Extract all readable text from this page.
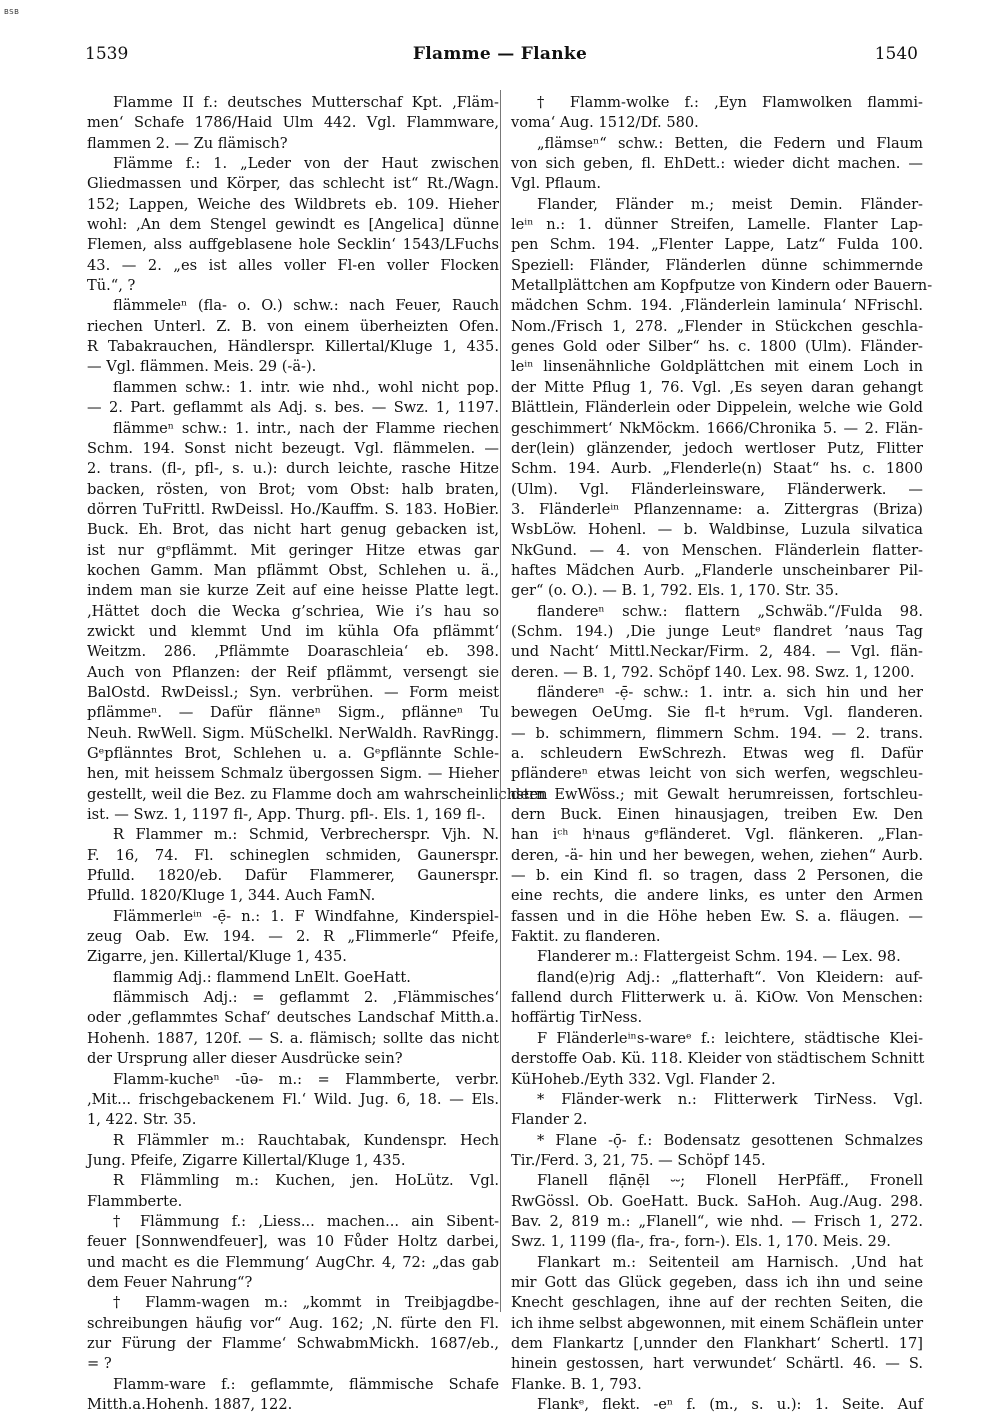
BSB
1539	Flamme — Flanke	1540
Flamme II f.: deutsches Mutterschaf Kpt. ‚Fläm-
men‘ Schafe 1786/Haid Ulm 442. Vgl. Flammware,
flammen 2. — Zu flämisch?
Flämme f.: 1. „Leder von der Haut zwischen
Gliedmassen und Körper, das schlecht ist“ Rt./Wagn.
152; Lappen, Weiche des Wildbrets eb. 109. Hieher
wohl: ‚An dem Stengel gewindt es [Angelica] dünne
Flemen, alss auffgeblasene hole Secklin‘ 1543/LFuchs
43. — 2. „es ist alles voller Fl-en voller Flocken
Tü.“, ?
flämmeleⁿ (fla- o. O.) schw.: nach Feuer, Rauch
riechen Unterl. Z. B. von einem überheizten Ofen.
Ɍ Tabakrauchen, Händlerspr. Killertal/Kluge 1, 435.
— Vgl. flämmen. Meis. 29 (-ä-).
flammen schw.: 1. intr. wie nhd., wohl nicht pop.
— 2. Part. geflammt als Adj. s. bes. — Swz. 1, 1197.
flämmeⁿ schw.: 1. intr., nach der Flamme riechen
Schm. 194. Sonst nicht bezeugt. Vgl. flämmelen. —
2. trans. (fl-, pfl-, s. u.): durch leichte, rasche Hitze
backen, rösten, von Brot; vom Obst: halb braten,
dörren TuFrittl. RwDeissl. Ho./Kauffm. S. 183. HoBier.
Buck. Eh. Brot, das nicht hart genug gebacken ist,
ist nur gᵉpflämmt. Mit geringer Hitze etwas gar
kochen Gamm. Man pflämmt Obst, Schlehen u. ä.,
indem man sie kurze Zeit auf eine heisse Platte legt.
‚Hättet doch die Wecka g’schriea, Wie i’s hau so
zwickt und klemmt Und im kühla Ofa pflämmt‘
Weitzm. 286. ‚Pflämmte Doaraschleia‘ eb. 398.
Auch von Pflanzen: der Reif pflämmt, versengt sie
BalOstd. RwDeissl.; Syn. verbrühen. — Form meist
pflämmeⁿ. — Dafür flänneⁿ Sigm., pflänneⁿ Tu
Neuh. RwWell. Sigm. MüSchelkl. NerWaldh. RavRingg.
Gᵉpflänntes Brot, Schlehen u. a. Gᵉpflännte Schle-
hen, mit heissem Schmalz übergossen Sigm. — Hieher
gestellt, weil die Bez. zu Flamme doch am wahrscheinlichsten
ist. — Swz. 1, 1197 fl-, App. Thurg. pfl-. Els. 1, 169 fl-.
Ɍ Flammer m.: Schmid, Verbrecherspr. Vjh. N.
F. 16, 74. Fl. schineglen schmiden, Gaunerspr.
Pfulld. 1820/eb. Dafür Flammerer, Gaunerspr.
Pfulld. 1820/Kluge 1, 344. Auch FamN.
Flämmerleⁱⁿ -ẹ̄- n.: 1. F Windfahne, Kinderspiel-
zeug Oab. Ew. 194. — 2. Ɍ „Flimmerle“ Pfeife,
Zigarre, jen. Killertal/Kluge 1, 435.
flammig Adj.: flammend LnElt. GoeHatt.
flämmisch Adj.: = geflammt 2. ‚Flämmisches‘
oder ‚geflammtes Schaf‘ deutsches Landschaf Mitth.a.
Hohenh. 1887, 120f. — S. a. flämisch; sollte das nicht
der Ursprung aller dieser Ausdrücke sein?
Flamm-kucheⁿ -ūə- m.: = Flammberte, verbr.
‚Mit... frischgebackenem Fl.‘ Wild. Jug. 6, 18. — Els.
1, 422. Str. 35.
Ɍ Flämmler m.: Rauchtabak, Kundenspr. Hech
Jung. Pfeife, Zigarre Killertal/Kluge 1, 435.
Ɍ Flämmling m.: Kuchen, jen. HoLütz. Vgl.
Flammberte.
† Flämmung f.: ‚Liess... machen... ain Sibent-
feuer [Sonnwendfeuer], was 10 Fůder Holtz darbei,
und macht es die Flemmung‘ AugChr. 4, 72: „das gab
dem Feuer Nahrung“?
† Flamm-wagen m.: „kommt in Treibjagdbe-
schreibungen häufig vor“ Aug. 162; ‚N. fürte den Fl.
zur Fürung der Flamme‘ SchwabmMickh. 1687/eb.,
= ?
Flamm-ware f.: geflammte, flämmische Schafe
Mitth.a.Hohenh. 1887, 122.
† Flamm-wolke f.: ‚Eyn Flamwolken flammi-
voma‘ Aug. 1512/Df. 580.
„flämseⁿ“ schw.: Betten, die Federn und Flaum
von sich geben, fl. EhDett.: wieder dicht machen. —
Vgl. Pflaum.
Flander, Fländer m.; meist Demin. Fländer-
leⁱⁿ n.: 1. dünner Streifen, Lamelle. Flanter Lap-
pen Schm. 194. „Flenter Lappe, Latz“ Fulda 100.
Speziell: Fländer, Fländerlen dünne schimmernde
Metallplättchen am Kopfputze von Kindern oder Bauern-
mädchen Schm. 194. ‚Fländerlein laminula‘ NFrischl.
Nom./Frisch 1, 278. „Flender in Stückchen geschla-
genes Gold oder Silber“ hs. c. 1800 (Ulm). Fländer-
leⁱⁿ linsenähnliche Goldplättchen mit einem Loch in
der Mitte Pflug 1, 76. Vgl. ‚Es seyen daran gehangt
Blättlein, Fländerlein oder Dippelein, welche wie Gold
geschimmert‘ NkMöckm. 1666/Chronika 5. — 2. Flän-
der(lein) glänzender, jedoch wertloser Putz, Flitter
Schm. 194. Aurb. „Flenderle(n) Staat“ hs. c. 1800
(Ulm). Vgl. Fländerleinsware, Fländerwerk. —
3. Fländerleⁱⁿ Pflanzenname: a. Zittergras (Briza)
WsbLöw. Hohenl. — b. Waldbinse, Luzula silvatica
NkGund. — 4. von Menschen. Fländerlein flatter-
haftes Mädchen Aurb. „Flanderle unscheinbarer Pil-
ger“ (o. O.). — B. 1, 792. Els. 1, 170. Str. 35.
flandereⁿ schw.: flattern „Schwäb.“/Fulda 98.
(Schm. 194.) ‚Die junge Leutᵉ flandret ’naus Tag
und Nacht‘ Mittl.Neckar/Firm. 2, 484. — Vgl. flän-
deren. — B. 1, 792. Schöpf 140. Lex. 98. Swz. 1, 1200.
fländereⁿ -ẹ̄- schw.: 1. intr. a. sich hin und her
bewegen OeUmg. Sie fl-t hᵉrum. Vgl. flanderen.
— b. schimmern, flimmern Schm. 194. — 2. trans.
a. schleudern EwSchrezh. Etwas weg fl. Dafür
pfländereⁿ etwas leicht von sich werfen, wegschleu-
dern EwWöss.; mit Gewalt herumreissen, fortschleu-
dern Buck. Einen hinausjagen, treiben Ew. Den
han iᶜʰ hⁱnaus gᵉfländeret. Vgl. flänkeren. „Flan-
deren, -ä- hin und her bewegen, wehen, ziehen“ Aurb.
— b. ein Kind fl. so tragen, dass 2 Personen, die
eine rechts, die andere links, es unter den Armen
fassen und in die Höhe heben Ew. S. a. fläugen. —
Faktit. zu flanderen.
Flanderer m.: Flattergeist Schm. 194. — Lex. 98.
fland(e)rig Adj.: „flatterhaft“. Von Kleidern: auf-
fallend durch Flitterwerk u. ä. KiOw. Von Menschen:
hoffärtig TirNess.
F Fländerleⁱⁿs-wareᵉ f.: leichtere, städtische Klei-
derstoffe Oab. Kü. 118. Kleider von städtischem Schnitt
KüHoheb./Eyth 332. Vgl. Flander 2.
* Fländer-werk n.: Flitterwerk TirNess. Vgl.
Flander 2.
* Flane -ọ̄- f.: Bodensatz gesottenen Schmalzes
Tir./Ferd. 3, 21, 75. — Schöpf 145.
Flanell flạ̄nẹ̄l ⏑⏑; Flonell HerPfäff., Fronell
RwGössl. Ob. GoeHatt. Buck. SaHoh. Aug./Aug. 298.
Bav. 2, 819 m.: „Flanell“, wie nhd. — Frisch 1, 272.
Swz. 1, 1199 (fla-, fra-, forn-). Els. 1, 170. Meis. 29.
Flankart m.: Seitenteil am Harnisch. ‚Und hat
mir Gott das Glück gegeben, dass ich ihn und seine
Knecht geschlagen, ihne auf der rechten Seiten, die
ich ihme selbst abgewonnen, mit einem Schäflein unter
dem Flankartz [,unnder den Flankhart‘ Schertl. 17]
hinein gestossen, hart verwundet‘ Schärtl. 46. — S.
Flanke. B. 1, 793.
Flankᵉ, flekt. -eⁿ f. (m., s. u.): 1. Seite. Auf
